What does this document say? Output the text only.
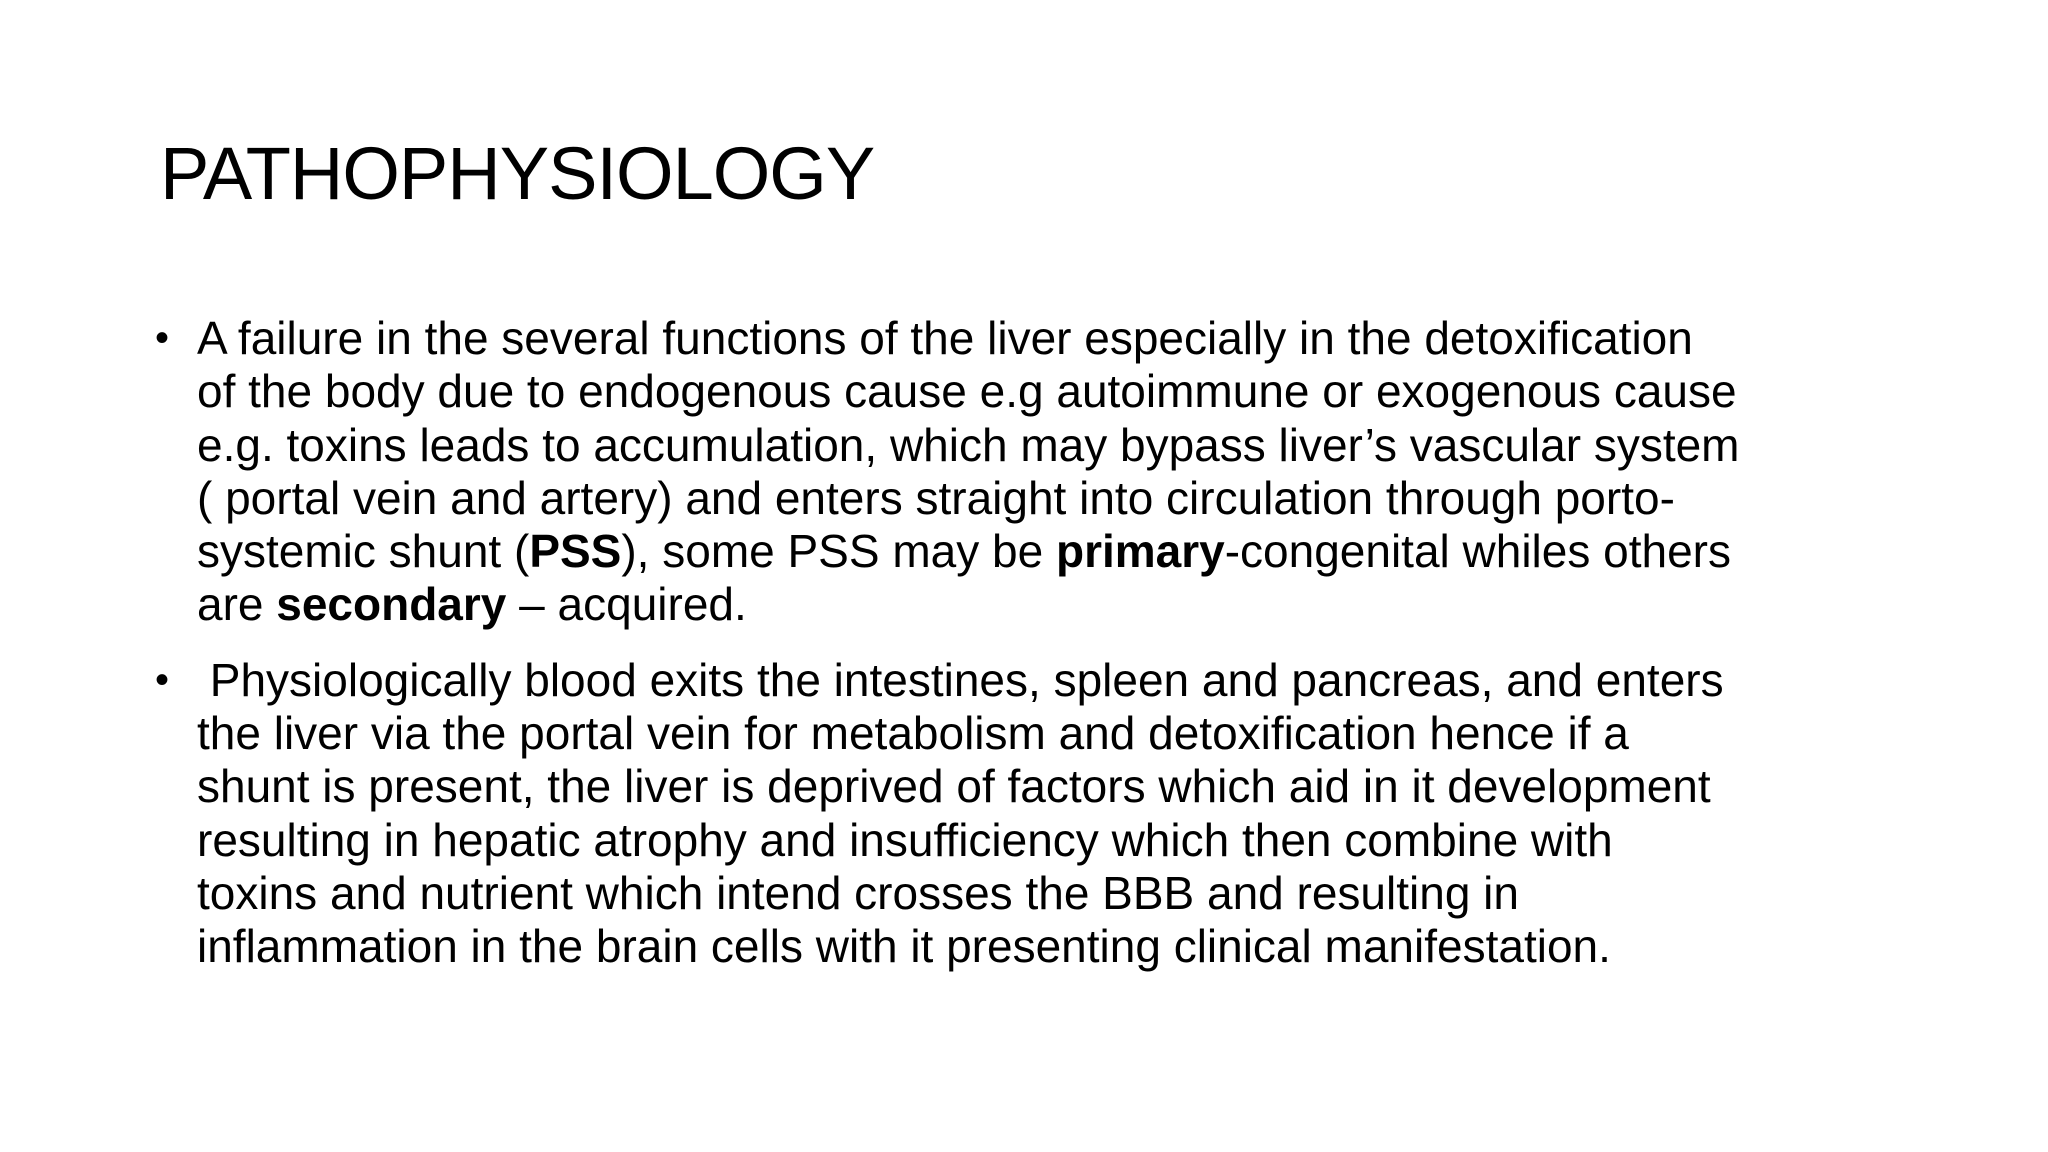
PATHOPHYSIOLOGY
• A failure in the several functions of the liver especially in the detoxification
of the body due to endogenous cause e.g autoimmune or exogenous cause
e.g. toxins leads to accumulation, which may bypass liver’s vascular system
( portal vein and artery) and enters straight into circulation through porto-
systemic shunt (PSS), some PSS may be primary-congenital whiles others
are secondary – acquired.
• Physiologically blood exits the intestines, spleen and pancreas, and enters
the liver via the portal vein for metabolism and detoxification hence if a
shunt is present, the liver is deprived of factors which aid in it development
resulting in hepatic atrophy and insufficiency which then combine with
toxins and nutrient which intend crosses the BBB and resulting in
inflammation in the brain cells with it presenting clinical manifestation.
